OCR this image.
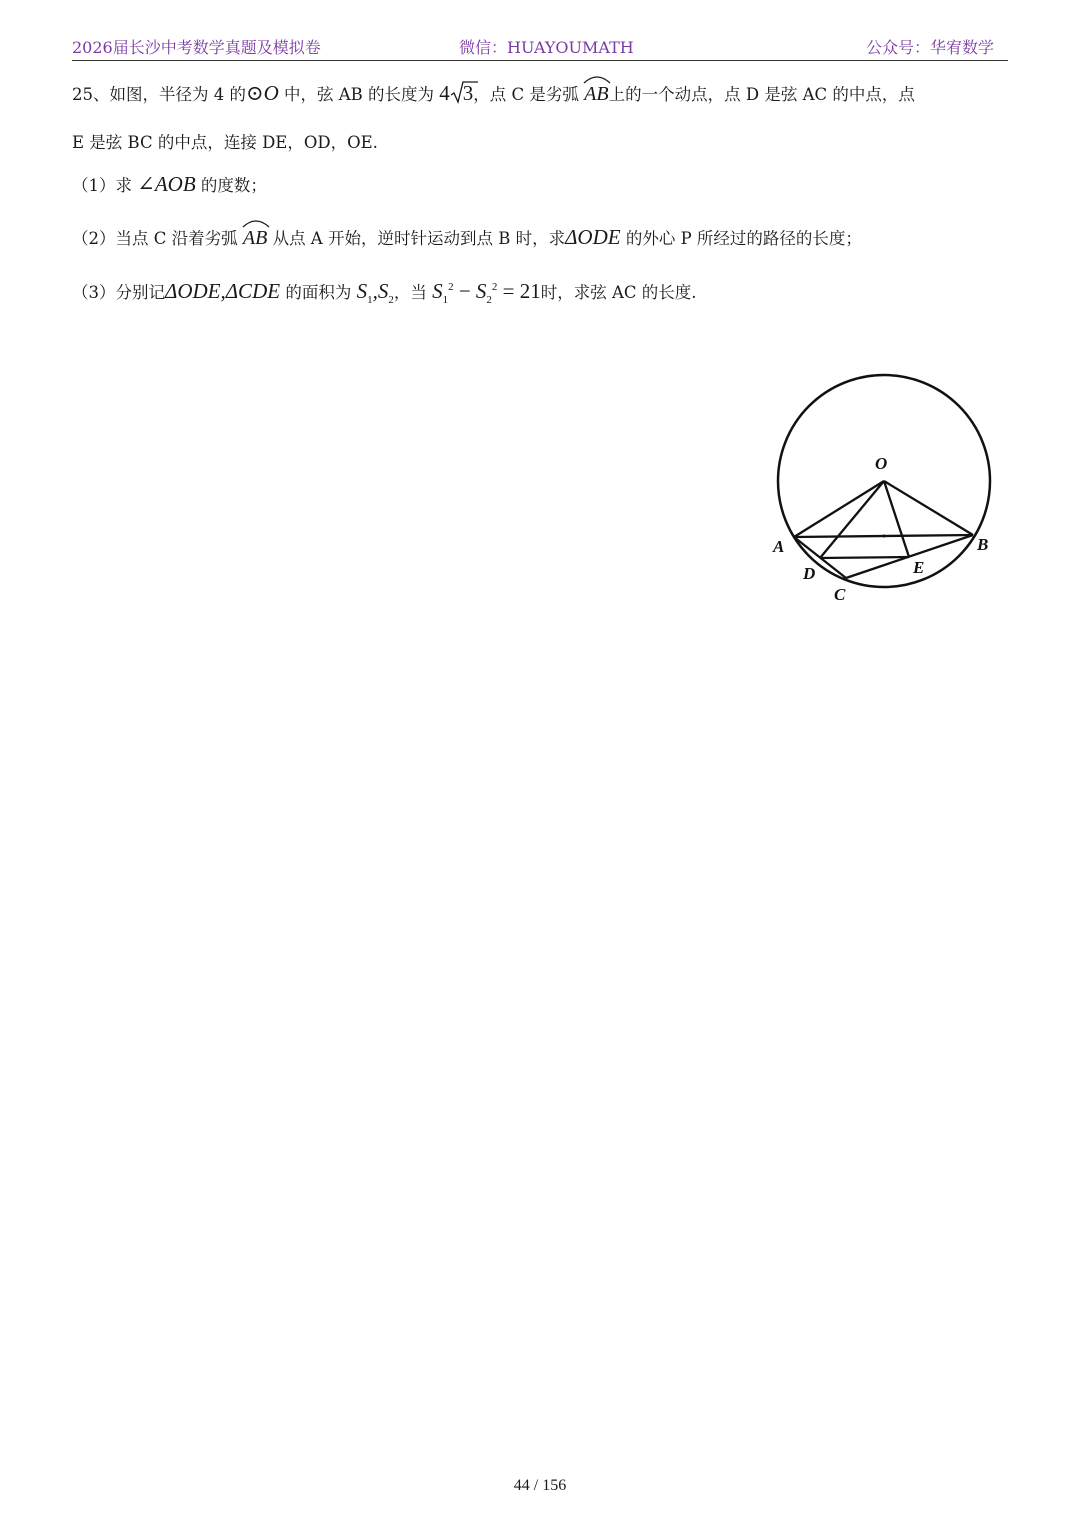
2026届长沙中考数学真题及模拟卷	微信：HUAYOUMATH	公众号：华宥数学
25、如图，半径为 4 的⊙O 中，弦 AB 的长度为 4 3，点 C 是劣弧 AB上的一个动点，点 D 是弦 AC 的中点，点
E 是弦 BC 的中点，连接 DE，OD，OE.
（1）求 ∠AOB 的度数；
（2）当点 C 沿着劣弧 AB 从点 A 开始，逆时针运动到点 B 时，求ΔODE 的外心 P 所经过的路径的长度；
（3）分别记ΔODE,ΔCDE 的面积为 $S_1,S_2$，当 $S_1^2 - S_2^2 = 21$时，求弦 AC 的长度.
O
A	B
C
D	E
44 / 156
